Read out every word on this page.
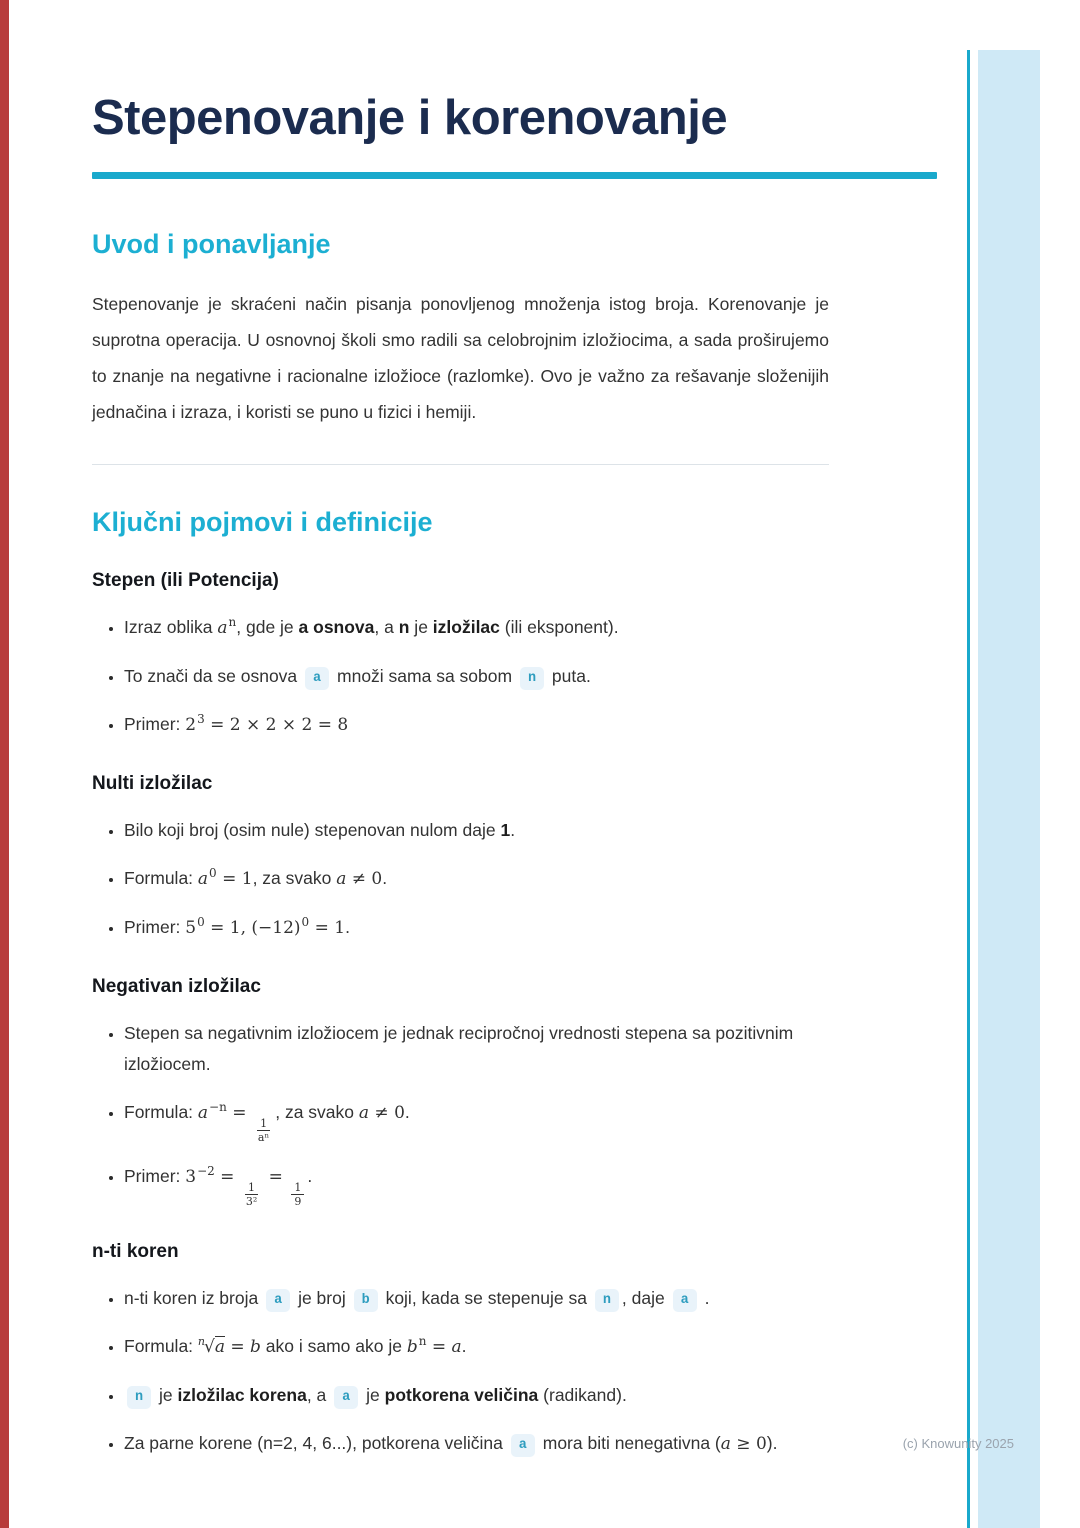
(c) Knowunity 2025
Stepenovanje i korenovanje
Uvod i ponavljanje

Stepenovanje je skraćeni način pisanja ponovljenog množenja istog broja. Korenovanje je suprotna operacija. U osnovnoj školi smo radili sa celobrojnim izložiocima, a sada proširujemo to znanje na negativne i racionalne izložioce (razlomke). Ovo je važno za rešavanje složenijih jednačina i izraza, i koristi se puno u fizici i hemiji.

Ključni pojmovi i definicije
Stepen (ili Potencija)
• Izraz oblika $a^n$, gde je a osnova, a n je izložilac (ili eksponent).
• To znači da se osnova a množi sama sa sobom n puta.
• Primer: $2^3 = 2 \times 2 \times 2 = 8$
Nulti izložilac
• Bilo koji broj (osim nule) stepenovan nulom daje 1.
• Formula: $a^0 = 1$, za svako a ≠ 0.
• Primer: $5^0 = 1$, $(-12)^0 = 1$.
Negativan izložilac
• Stepen sa negativnim izložiocem je jednak recipročnoj vrednosti stepena sa pozitivnim izložiocem.
• Formula: $a^{-n}$ =
$\frac{1}{\text{aⁿ}}$
, za svako a ≠ 0.
• Primer: $3^{-2}$ =
$\frac{1}{\text{3²}}$
=
$\frac{1}{9}$
.
n-ti koren
• n-ti koren iz broja a je broj b koji, kada se stepenuje sa n , daje a .
• Formula: $^n$√a = b ako i samo ako je $b^n = a$.
• n je izložilac korena, a a je potkorena veličina (radikand).
• Za parne korene (n=2, 4, 6...), potkorena veličina a mora biti nenegativna (a ≥ 0).
